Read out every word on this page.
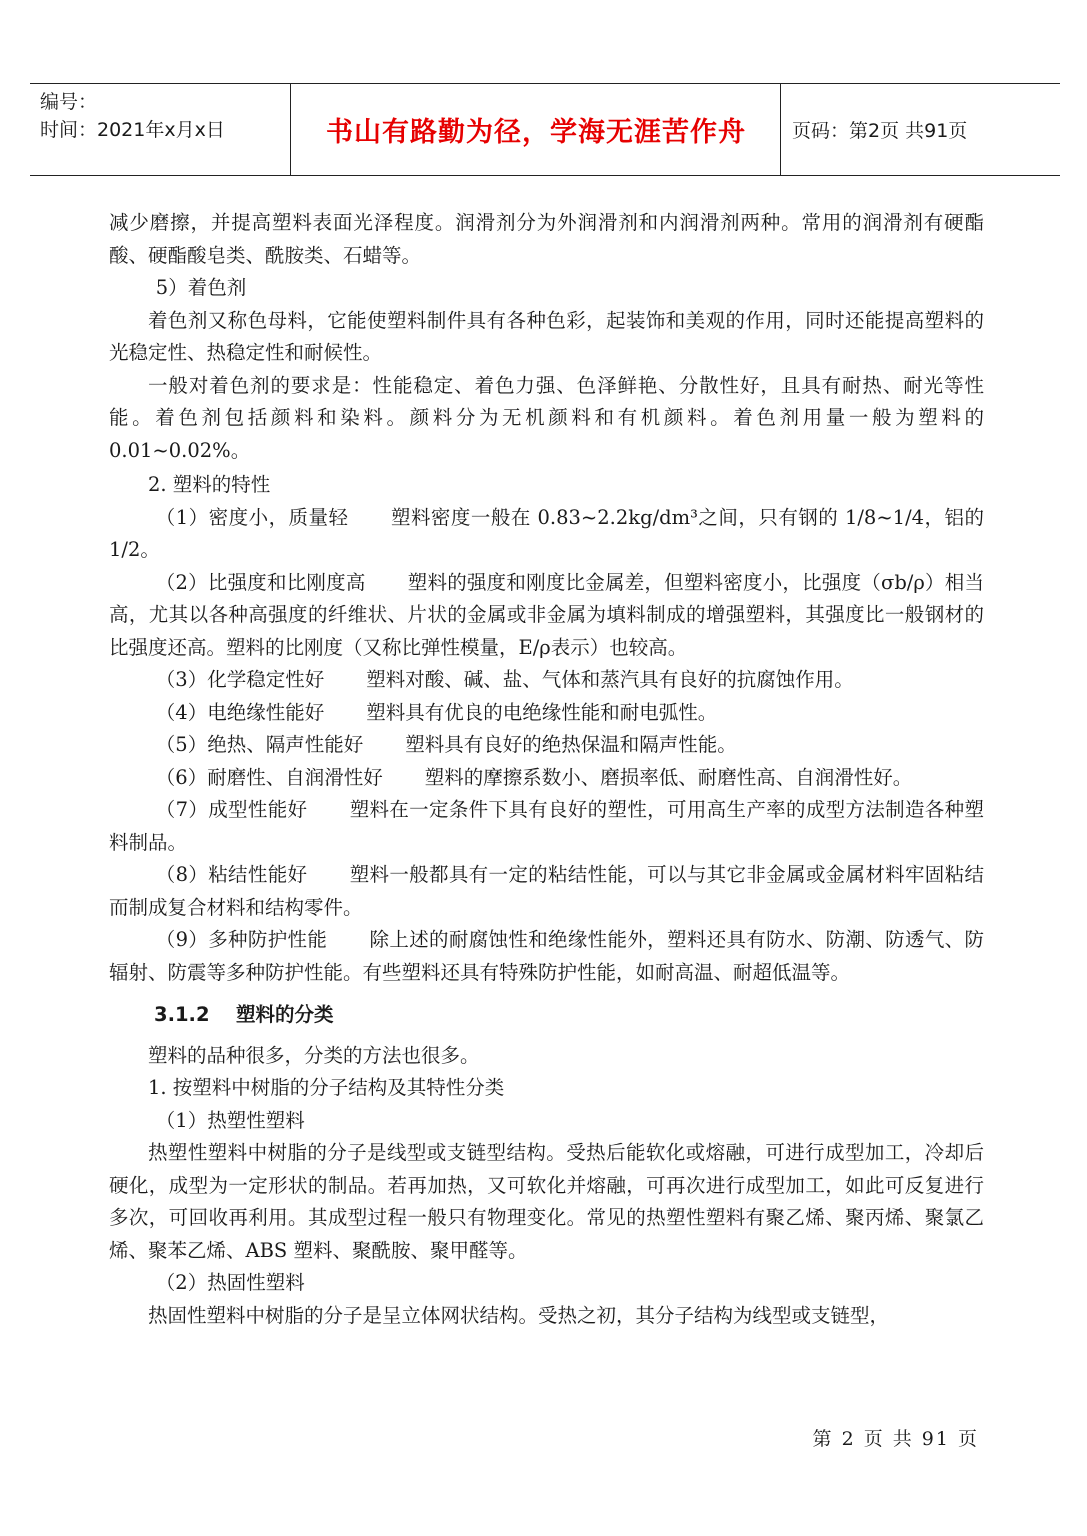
编号：
时间：2021年x月x日	书山有路勤为径，学海无涯苦作舟	页码：第2页 共91页

减少磨擦，并提高塑料表面光泽程度。润滑剂分为外润滑剂和内润滑剂两种。常用的润滑剂有硬酯酸、硬酯酸皂类、酰胺类、石蜡等。

5）着色剂

着色剂又称色母料，它能使塑料制件具有各种色彩，起装饰和美观的作用，同时还能提高塑料的光稳定性、热稳定性和耐候性。

一般对着色剂的要求是：性能稳定、着色力强、色泽鲜艳、分散性好，且具有耐热、耐光等性能。着色剂包括颜料和染料。颜料分为无机颜料和有机颜料。着色剂用量一般为塑料的 0.01~0.02%。

2. 塑料的特性

（1）密度小，质量轻 塑料密度一般在 0.83~2.2kg/dm³之间，只有钢的 1/8~1/4，铝的 1/2。

（2）比强度和比刚度高 塑料的强度和刚度比金属差，但塑料密度小，比强度（σb/ρ）相当高，尤其以各种高强度的纤维状、片状的金属或非金属为填料制成的增强塑料，其强度比一般钢材的比强度还高。塑料的比刚度（又称比弹性模量，E/ρ表示）也较高。

（3）化学稳定性好 塑料对酸、碱、盐、气体和蒸汽具有良好的抗腐蚀作用。

（4）电绝缘性能好 塑料具有优良的电绝缘性能和耐电弧性。

（5）绝热、隔声性能好 塑料具有良好的绝热保温和隔声性能。

（6）耐磨性、自润滑性好 塑料的摩擦系数小、磨损率低、耐磨性高、自润滑性好。

（7）成型性能好 塑料在一定条件下具有良好的塑性，可用高生产率的成型方法制造各种塑料制品。

（8）粘结性能好 塑料一般都具有一定的粘结性能，可以与其它非金属或金属材料牢固粘结而制成复合材料和结构零件。

（9）多种防护性能 除上述的耐腐蚀性和绝缘性能外，塑料还具有防水、防潮、防透气、防辐射、防震等多种防护性能。有些塑料还具有特殊防护性能，如耐高温、耐超低温等。

3.1.2 塑料的分类

塑料的品种很多，分类的方法也很多。

1. 按塑料中树脂的分子结构及其特性分类

（1）热塑性塑料

热塑性塑料中树脂的分子是线型或支链型结构。受热后能软化或熔融，可进行成型加工，冷却后硬化，成型为一定形状的制品。若再加热，又可软化并熔融，可再次进行成型加工，如此可反复进行多次，可回收再利用。其成型过程一般只有物理变化。常见的热塑性塑料有聚乙烯、聚丙烯、聚氯乙烯、聚苯乙烯、ABS 塑料、聚酰胺、聚甲醛等。

（2）热固性塑料

热固性塑料中树脂的分子是呈立体网状结构。受热之初，其分子结构为线型或支链型，

第 2 页 共 91 页
